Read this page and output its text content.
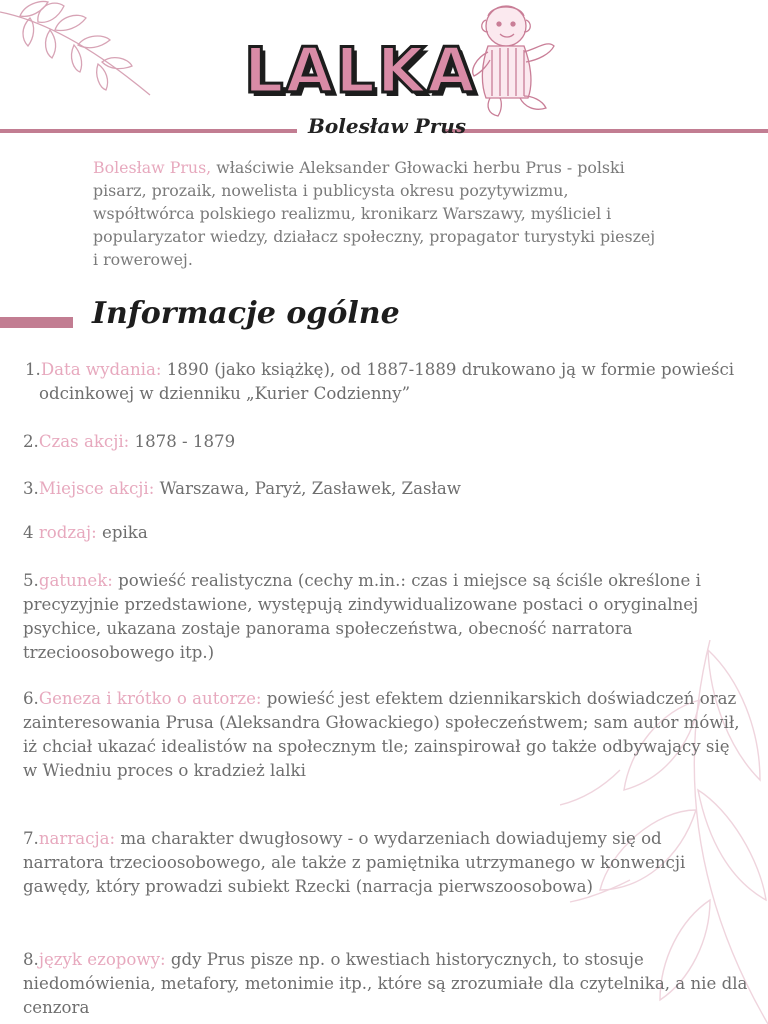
LALKA
Bolesław Prus
Bolesław Prus, właściwie Aleksander Głowacki herbu Prus - polski pisarz, prozaik, nowelista i publicysta okresu pozytywizmu, współtwórca polskiego realizmu, kronikarz Warszawy, myśliciel i popularyzator wiedzy, działacz społeczny, propagator turystyki pieszej i rowerowej.
Informacje ogólne
1.Data wydania: 1890 (jako książkę), od 1887-1889 drukowano ją w formie powieści odcinkowej w dzienniku „Kurier Codzienny”
2.Czas akcji: 1878 - 1879
3.Miejsce akcji: Warszawa, Paryż, Zasławek, Zasław
4 rodzaj: epika
5.gatunek: powieść realistyczna (cechy m.in.: czas i miejsce są ściśle określone i precyzyjnie przedstawione, występują zindywidualizowane postaci o oryginalnej psychice, ukazana zostaje panorama społeczeństwa, obecność narratora trzecioosobowego itp.)
6.Geneza i krótko o autorze: powieść jest efektem dziennikarskich doświadczeń oraz zainteresowania Prusa (Aleksandra Głowackiego) społeczeństwem; sam autor mówił, iż chciał ukazać idealistów na społecznym tle; zainspirował go także odbywający się w Wiedniu proces o kradzież lalki
7.narracja: ma charakter dwugłosowy - o wydarzeniach dowiadujemy się od narratora trzecioosobowego, ale także z pamiętnika utrzymanego w konwencji gawędy, który prowadzi subiekt Rzecki (narracja pierwszoosobowa)
8.język ezopowy: gdy Prus pisze np. o kwestiach historycznych, to stosuje niedomówienia, metafory, metonimie itp., które są zrozumiałe dla czytelnika, a nie dla cenzora
